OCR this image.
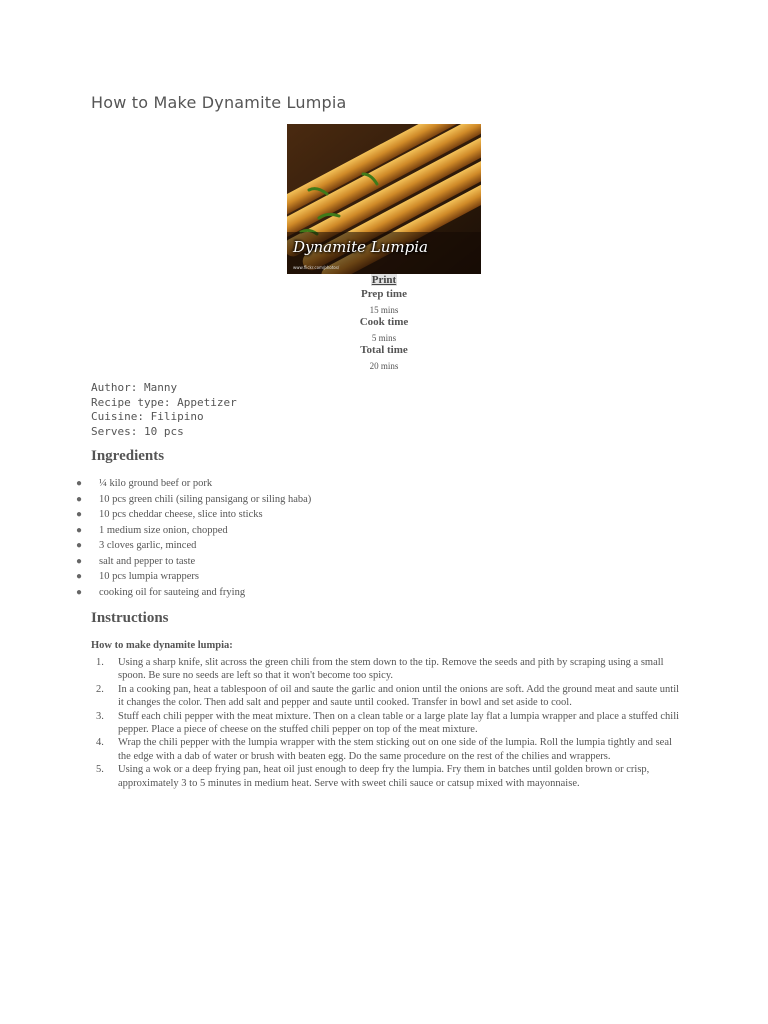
How to Make Dynamite Lumpia
www.flickr.com/photos/
Dynamite Lumpia
Print
Prep time
15 mins
Cook time
5 mins
Total time
20 mins
Author: Manny
Recipe type: Appetizer
Cuisine: Filipino
Serves: 10 pcs
Ingredients
● ¼ kilo ground beef or pork
● 10 pcs green chili (siling pansigang or siling haba)
● 10 pcs cheddar cheese, slice into sticks
● 1 medium size onion, chopped
● 3 cloves garlic, minced
● salt and pepper to taste
● 10 pcs lumpia wrappers
● cooking oil for sauteing and frying
Instructions
How to make dynamite lumpia:
1. Using a sharp knife, slit across the green chili from the stem down to the tip. Remove the seeds and pith by scraping using a small spoon. Be sure no seeds are left so that it won't become too spicy.
2. In a cooking pan, heat a tablespoon of oil and saute the garlic and onion until the onions are soft. Add the ground meat and saute until it changes the color. Then add salt and pepper and saute until cooked. Transfer in bowl and set aside to cool.
3. Stuff each chili pepper with the meat mixture. Then on a clean table or a large plate lay flat a lumpia wrapper and place a stuffed chili pepper. Place a piece of cheese on the stuffed chili pepper on top of the meat mixture.
4. Wrap the chili pepper with the lumpia wrapper with the stem sticking out on one side of the lumpia. Roll the lumpia tightly and seal the edge with a dab of water or brush with beaten egg. Do the same procedure on the rest of the chilies and wrappers.
5. Using a wok or a deep frying pan, heat oil just enough to deep fry the lumpia. Fry them in batches until golden brown or crisp, approximately 3 to 5 minutes in medium heat. Serve with sweet chili sauce or catsup mixed with mayonnaise.
